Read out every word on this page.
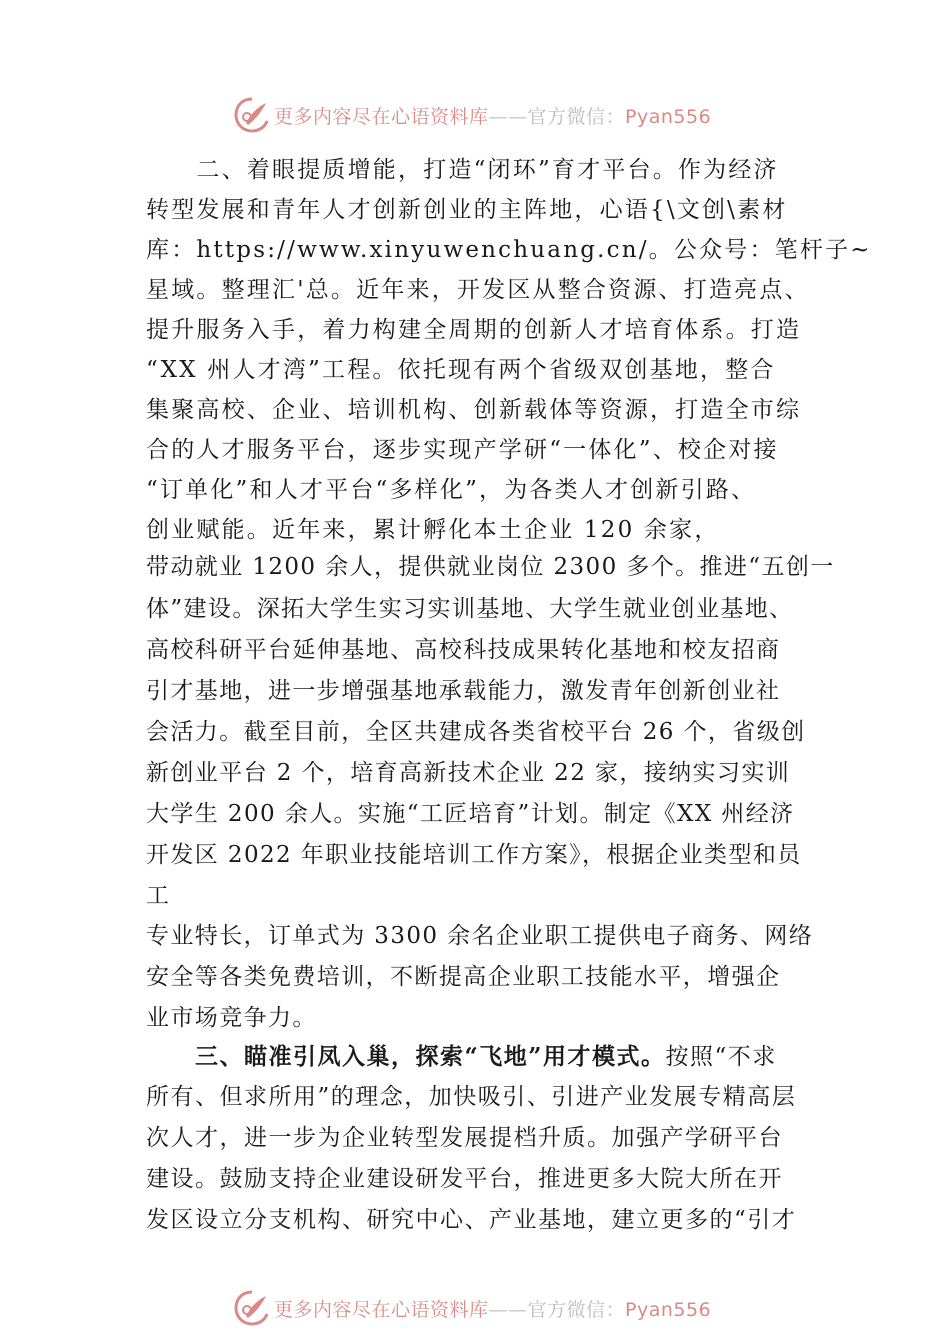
更多内容尽在心语资料库——官方微信：Pyan556
　　二、着眼提质增能，打造“闭环”育才平台。作为经济
转型发展和青年人才创新创业的主阵地，心语{\文创\素材
库：https://www.xinyuwenchuang.cn/。公众号：笔杆子~
星域。整理汇'总。近年来，开发区从整合资源、打造亮点、
提升服务入手，着力构建全周期的创新人才培育体系。打造
“XX 州人才湾”工程。依托现有两个省级双创基地，整合
集聚高校、企业、培训机构、创新载体等资源，打造全市综
合的人才服务平台，逐步实现产学研“一体化”、校企对接
“订单化”和人才平台“多样化”，为各类人才创新引路、
创业赋能。近年来，累计孵化本土企业 120 余家，
带动就业 1200 余人，提供就业岗位 2300 多个。推进“五创一
体”建设。深拓大学生实习实训基地、大学生就业创业基地、
高校科研平台延伸基地、高校科技成果转化基地和校友招商
引才基地，进一步增强基地承载能力，激发青年创新创业社
会活力。截至目前，全区共建成各类省校平台 26 个，省级创
新创业平台 2 个，培育高新技术企业 22 家，接纳实习实训
大学生 200 余人。实施“工匠培育”计划。制定《XX 州经济
开发区 2022 年职业技能培训工作方案》，根据企业类型和员
工
专业特长，订单式为 3300 余名企业职工提供电子商务、网络
安全等各类免费培训，不断提高企业职工技能水平，增强企
业市场竞争力。
　　三、瞄准引凤入巢，探索“飞地”用才模式。按照“不求
所有、但求所用”的理念，加快吸引、引进产业发展专精高层
次人才，进一步为企业转型发展提档升质。加强产学研平台
建设。鼓励支持企业建设研发平台，推进更多大院大所在开
发区设立分支机构、研究中心、产业基地，建立更多的“引才
更多内容尽在心语资料库——官方微信：Pyan556
